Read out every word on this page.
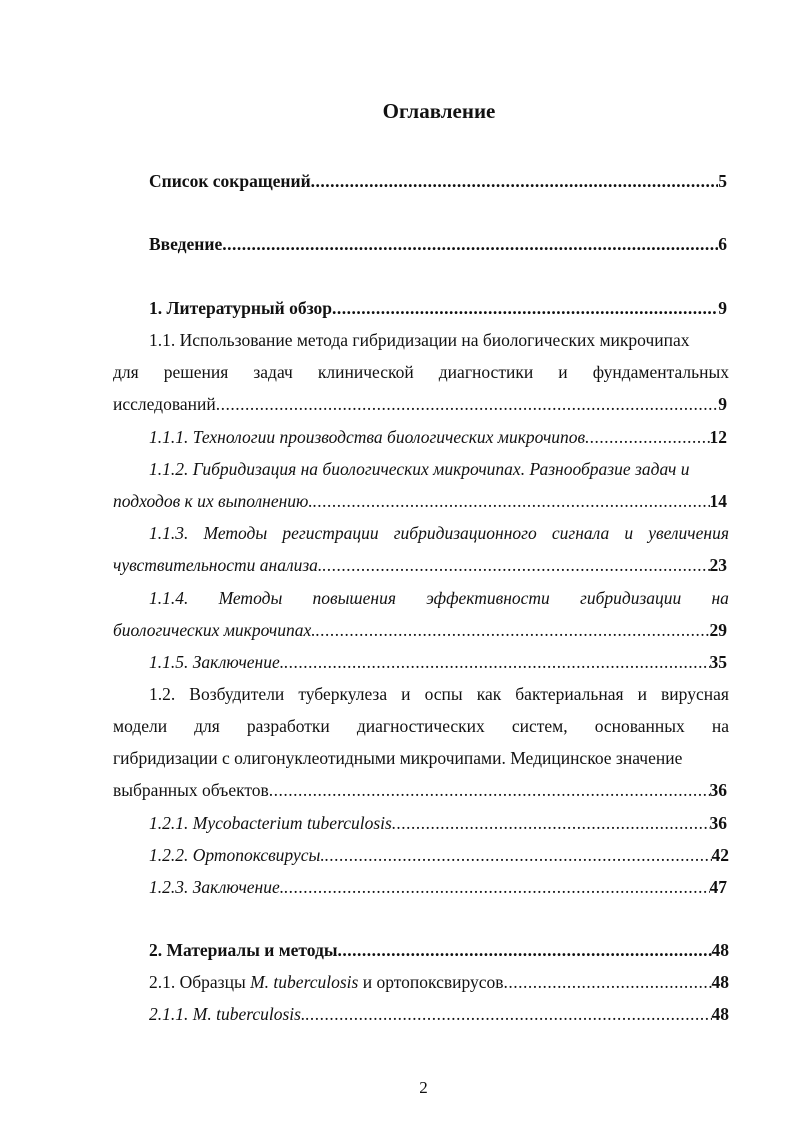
Оглавление
Список сокращений .....	5
Введение .....	6
1. Литературный обзор .....	9
1.1. Использование метода гибридизации на биологических микрочипах
для решения задач клинической диагностики и фундаментальных
исследований .....	9
1.1.1. Технологии производства биологических микрочипов .....	12
1.1.2. Гибридизация на биологических микрочипах. Разнообразие задач и
подходов к их выполнению. .....	14
1.1.3. Методы регистрации гибридизационного сигнала и увеличения
чувствительности анализа. .....	23
1.1.4. Методы повышения эффективности гибридизации на
биологических микрочипах. .....	29
1.1.5. Заключение. .....	35
1.2. Возбудители туберкулеза и оспы как бактериальная и вирусная
модели для разработки диагностических систем, основанных на
гибридизации с олигонуклеотидными микрочипами. Медицинское значение
выбранных объектов .....	36
1.2.1. Mycobacterium tuberculosis .....	36
1.2.2. Ортопоксвирусы. .....	42
1.2.3. Заключение. .....	47
2. Материалы и методы .....	48
2.1. Образцы M. tuberculosis и ортопоксвирусов .....	48
2.1.1. M. tuberculosis. .....	48
2
